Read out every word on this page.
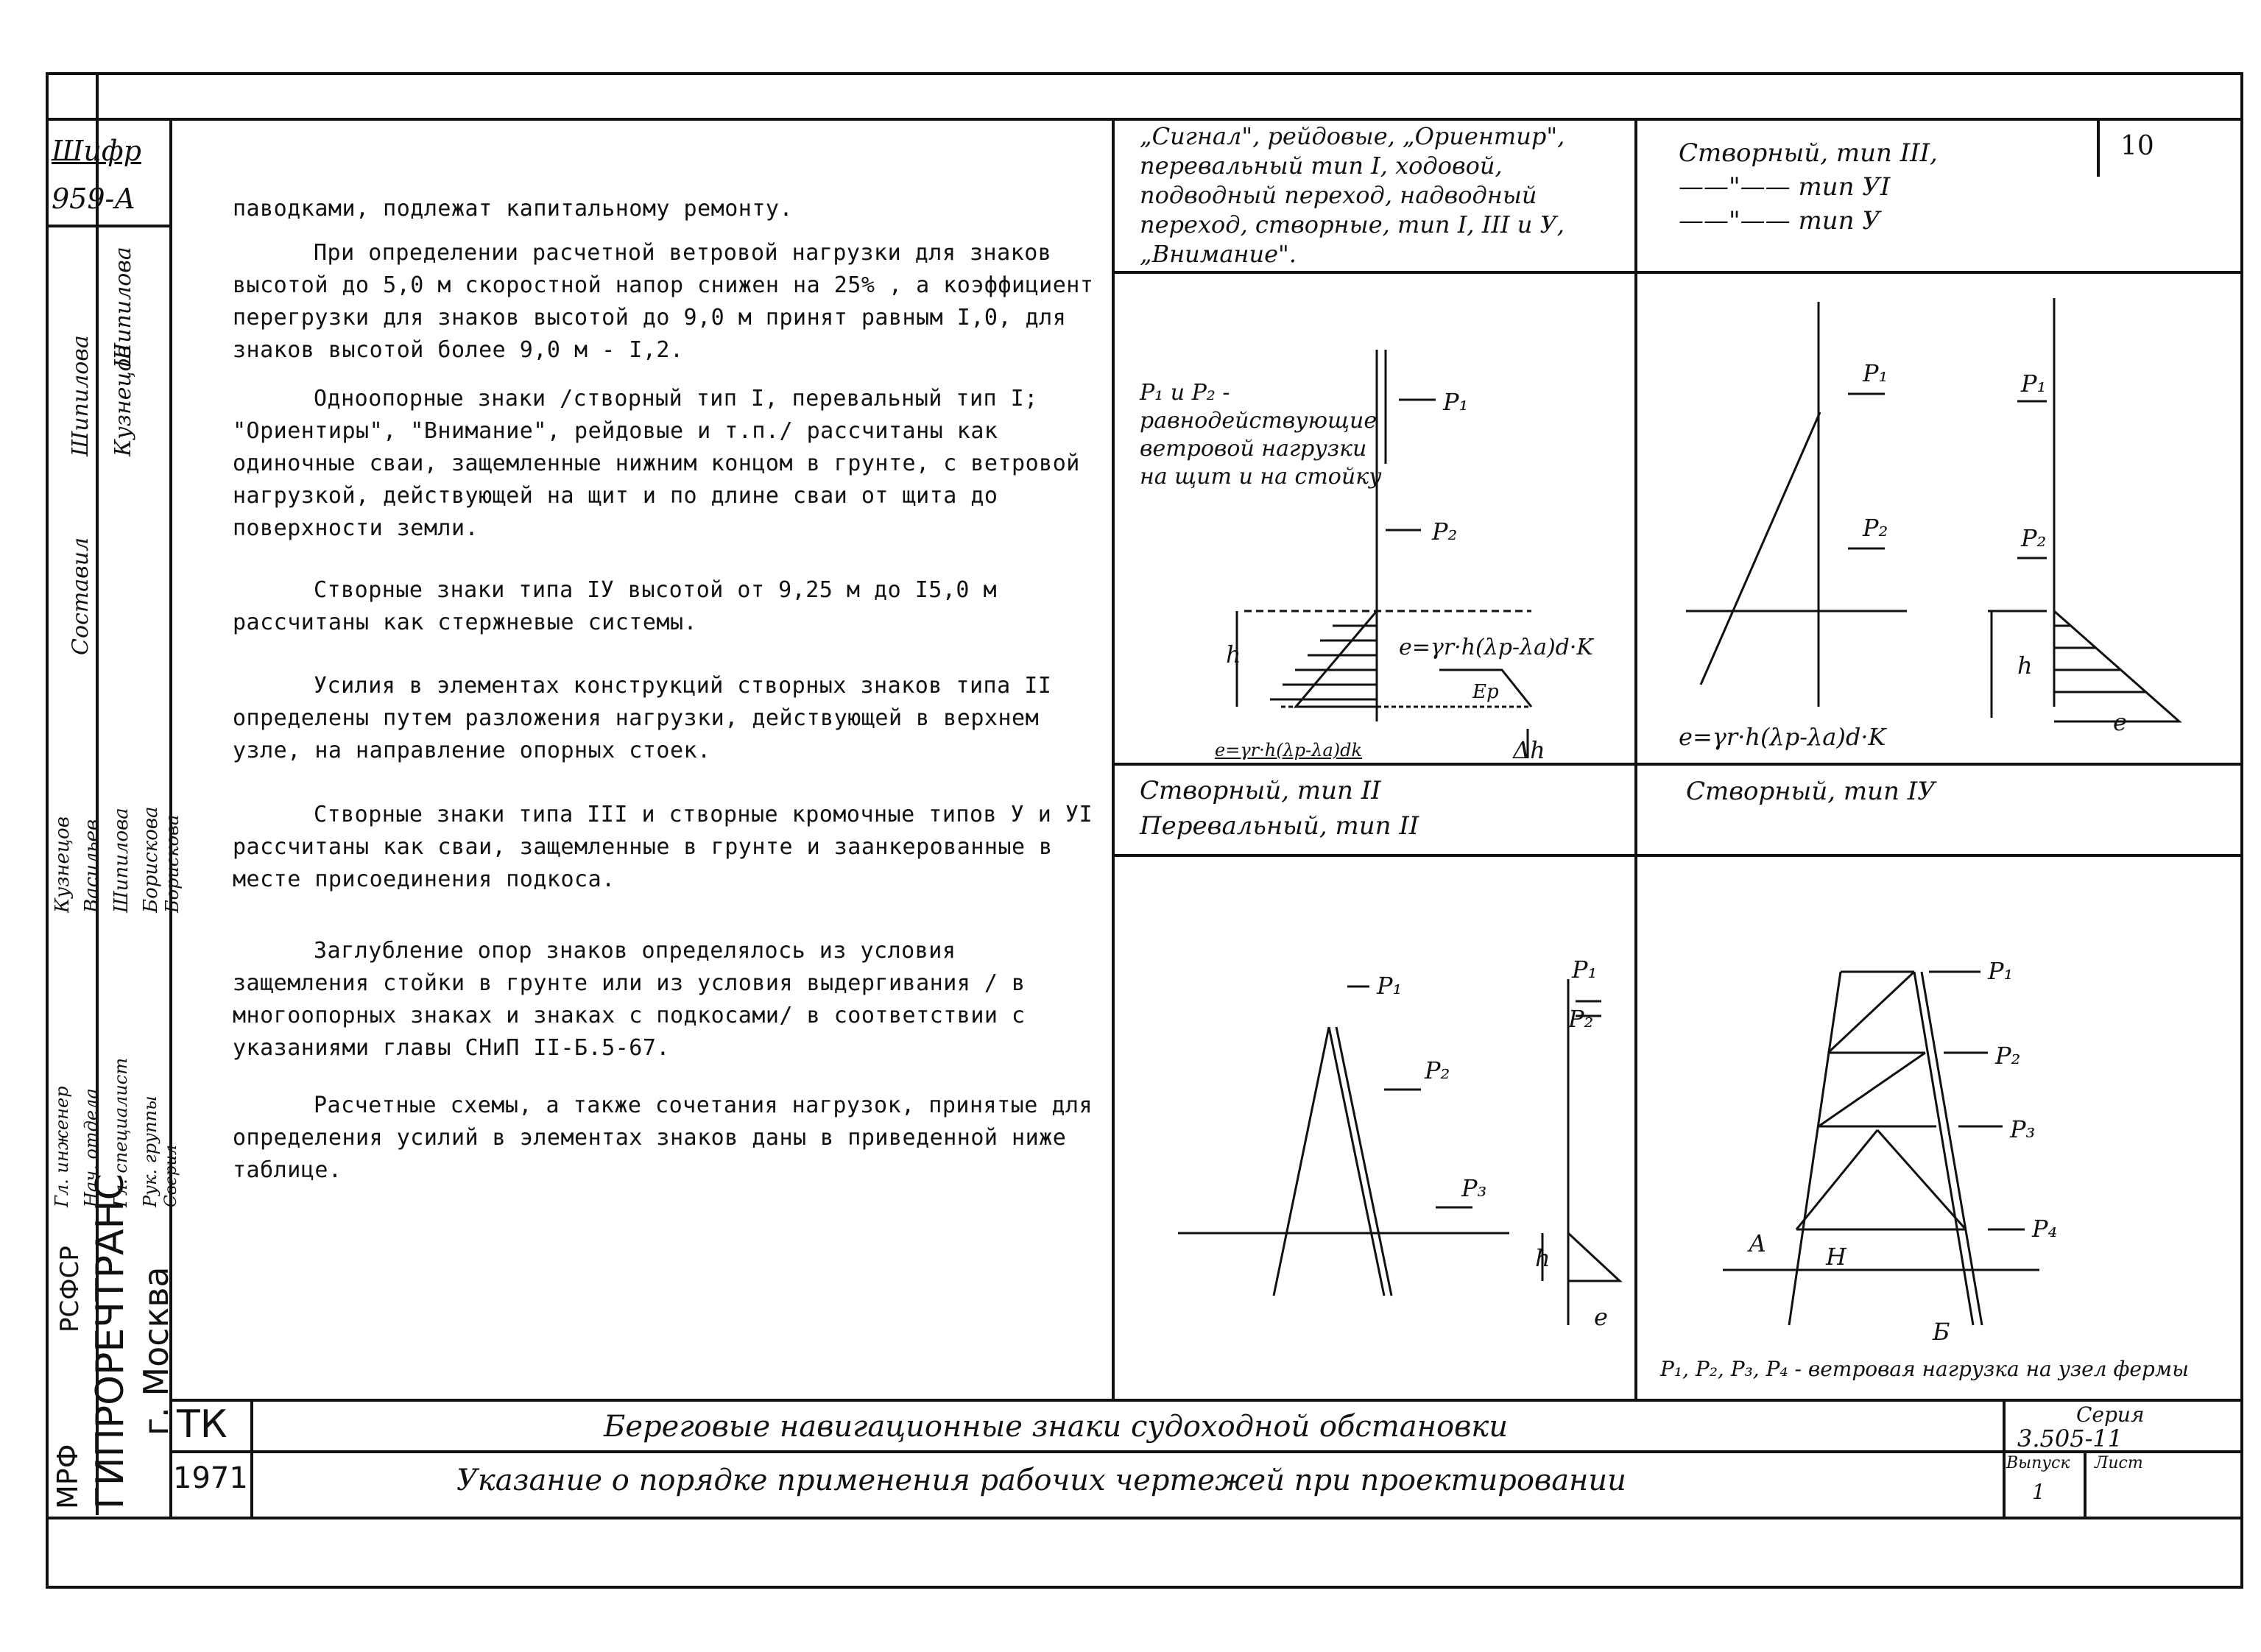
Шифр
959-А
Составил
Шипилова Кузнецов
Шипилова
Гл. инженер Нач. отдела Гл. специалист Рук. группы Сверил
Кузнецов Васильев Шипилова Борискова Борискова
МРФ
РСФСР ГИПРОРЕЧТРАНС г. Москва
паводками, подлежат капитальному ремонту.
При определении расчетной ветровой нагрузки для знаков высотой до 5,0 м скоростной напор снижен на 25% , а коэффициент перегрузки для знаков высотой до 9,0 м принят равным I,0, для знаков высотой более 9,0 м - I,2.
Одноопорные знаки /створный тип I, перевальный тип I; "Ориентиры", "Внимание", рейдовые и т.п./ рассчитаны как одиночные сваи, защемленные нижним концом в грунте, с ветровой нагрузкой, действующей на щит и по длине сваи от щита до поверхности земли.
Створные знаки типа IУ высотой от 9,25 м до I5,0 м рассчитаны как стержневые системы.
Усилия в элементах конструкций створных знаков типа II определены путем разложения нагрузки, действующей в верхнем узле, на направление опорных стоек.
Створные знаки типа III и створные кромочные типов У и УI рассчитаны как сваи, защемленные в грунте и заанкерованные в месте присоединения подкоса.
Заглубление опор знаков определялось из условия защемления стойки в грунте или из условия выдергивания / в многоопорных знаках и знаках с подкосами/ в соответствии с указаниями главы СНиП II-Б.5-67.
Расчетные схемы, а также сочетания нагрузок, принятые для определения усилий в элементах знаков даны в приведенной ниже таблице.
10
„Сигнал", рейдовые, „Ориентир", перевальный тип I, ходовой, подводный переход, надводный переход, створные, тип I, III и У, „Внимание".
Створный, тип III,
——"—— тип УI
——"—— тип У
Створный, тип II
Перевальный, тип II
Створный, тип IУ
P₁ и P₂ - равнодействующие ветровой нагрузки на щит и на стойку
e=γr·h(λp-λa)d·K
e=γr·h(λp-λa)dk
Ep
e=γr·h(λp-λa)d·K
P₁, P₂, P₃, P₄ - ветровая нагрузка на узел фермы
P₁
P₂
P₁
P₂
P₁
P₂
h
e
h
Δh
P₁
P₂
P₃
P₁
P₂
h
e
P₁
P₂
P₃
P₄
А	H
Б
ТК
1971
Береговые навигационные знаки судоходной обстановки
Указание о порядке применения рабочих чертежей при проектировании
Серия
3.505-11
Выпуск
1
Лист
